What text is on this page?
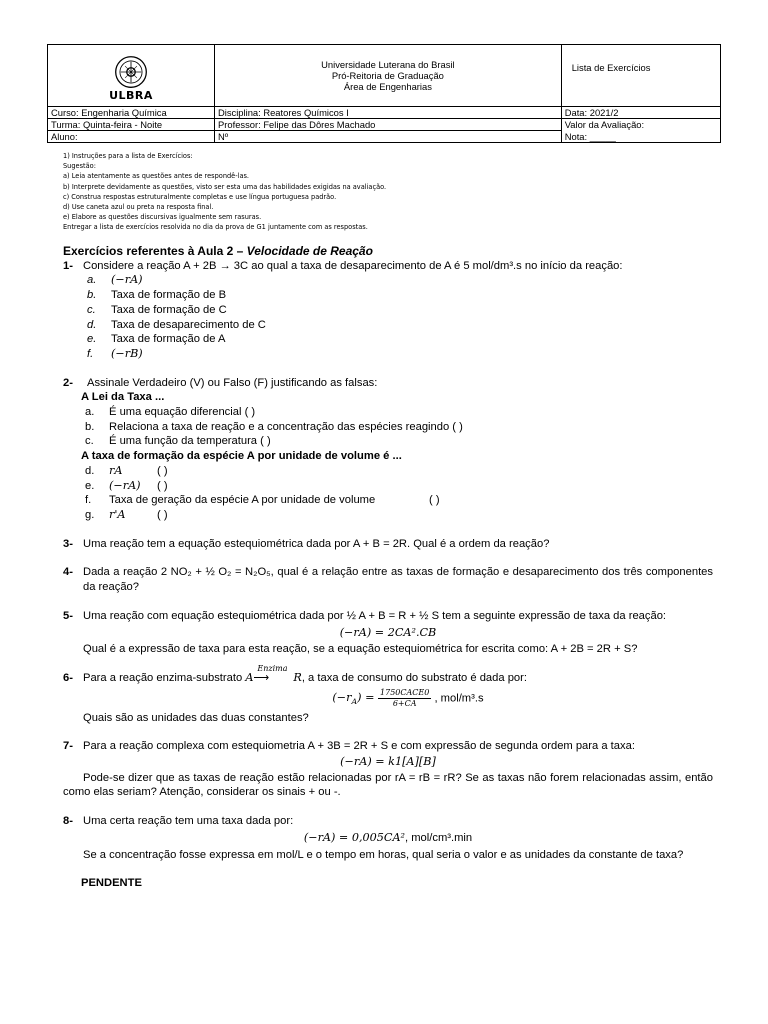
ULBRA	Universidade Luterana do Brasil
Pró-Reitoria de Graduação
Área de Engenharias	Lista de Exercícios
Curso: Engenharia Química	Disciplina: Reatores Químicos I	Data: 2021/2
Turma: Quinta-feira - Noite	Professor: Felipe das Dôres Machado	Valor da Avaliação:
Aluno:	Nº	Nota: _____
1) Instruções para a lista de Exercícios:
Sugestão:
a) Leia atentamente as questões antes de respondê-las.
b) Interprete devidamente as questões, visto ser esta uma das habilidades exigidas na avaliação.
c) Construa respostas estruturalmente completas e use língua portuguesa padrão.
d) Use caneta azul ou preta na resposta final.
e) Elabore as questões discursivas igualmente sem rasuras.
Entregar a lista de exercícios resolvida no dia da prova de G1 juntamente com as respostas.
Exercícios referentes à Aula 2 – Velocidade de Reação
1- Considere a reação A + 2B → 3C ao qual a taxa de desaparecimento de A é 5 mol/dm³.s no início da reação:
a.	(−rA)
b.	Taxa de formação de B
c.	Taxa de formação de C
d.	Taxa de desaparecimento de C
e.	Taxa de formação de A
f.	(−rB)
2- Assinale Verdadeiro (V) ou Falso (F) justificando as falsas:
A Lei da Taxa ...
a.	É uma equação diferencial ( )
b.	Relaciona a taxa de reação e a concentração das espécies reagindo ( )
c.	É uma função da temperatura ( )
A taxa de formação da espécie A por unidade de volume é ...
d.	rA	( )
e.	(−rA)	( )
f.	Taxa de geração da espécie A por unidade de volume	( )
g.	r'A	( )
3- Uma reação tem a equação estequiométrica dada por A + B = 2R. Qual é a ordem da reação?
4- Dada a reação 2 NO₂ + ½ O₂ = N₂O₅, qual é a relação entre as taxas de formação e desaparecimento dos três componentes da reação?
5- Uma reação com equação estequiométrica dada por ½ A + B = R + ½ S tem a seguinte expressão de taxa da reação:
(−rA) = 2CA².CB
Qual é a expressão de taxa para esta reação, se a equação estequiométrica for escrita como: A + 2B = 2R + S?
6- Para a reação enzima-substrato A
Enzima
⟶ R, a taxa de consumo do substrato é dada por:
$(-r_A) = \frac{\text{1750CACE0}}{6+CA}$ , mol/m³.s
Quais são as unidades das duas constantes?
7- Para a reação complexa com estequiometria A + 3B = 2R + S e com expressão de segunda ordem para a taxa:
(−rA) = k1[A][B]
Pode-se dizer que as taxas de reação estão relacionadas por rA = rB = rR? Se as taxas não forem relacionadas assim, então como elas seriam? Atenção, considerar os sinais + ou -.
8- Uma certa reação tem uma taxa dada por:
(−rA) = 0,005CA², mol/cm³.min
Se a concentração fosse expressa em mol/L e o tempo em horas, qual seria o valor e as unidades da constante de taxa?
PENDENTE
